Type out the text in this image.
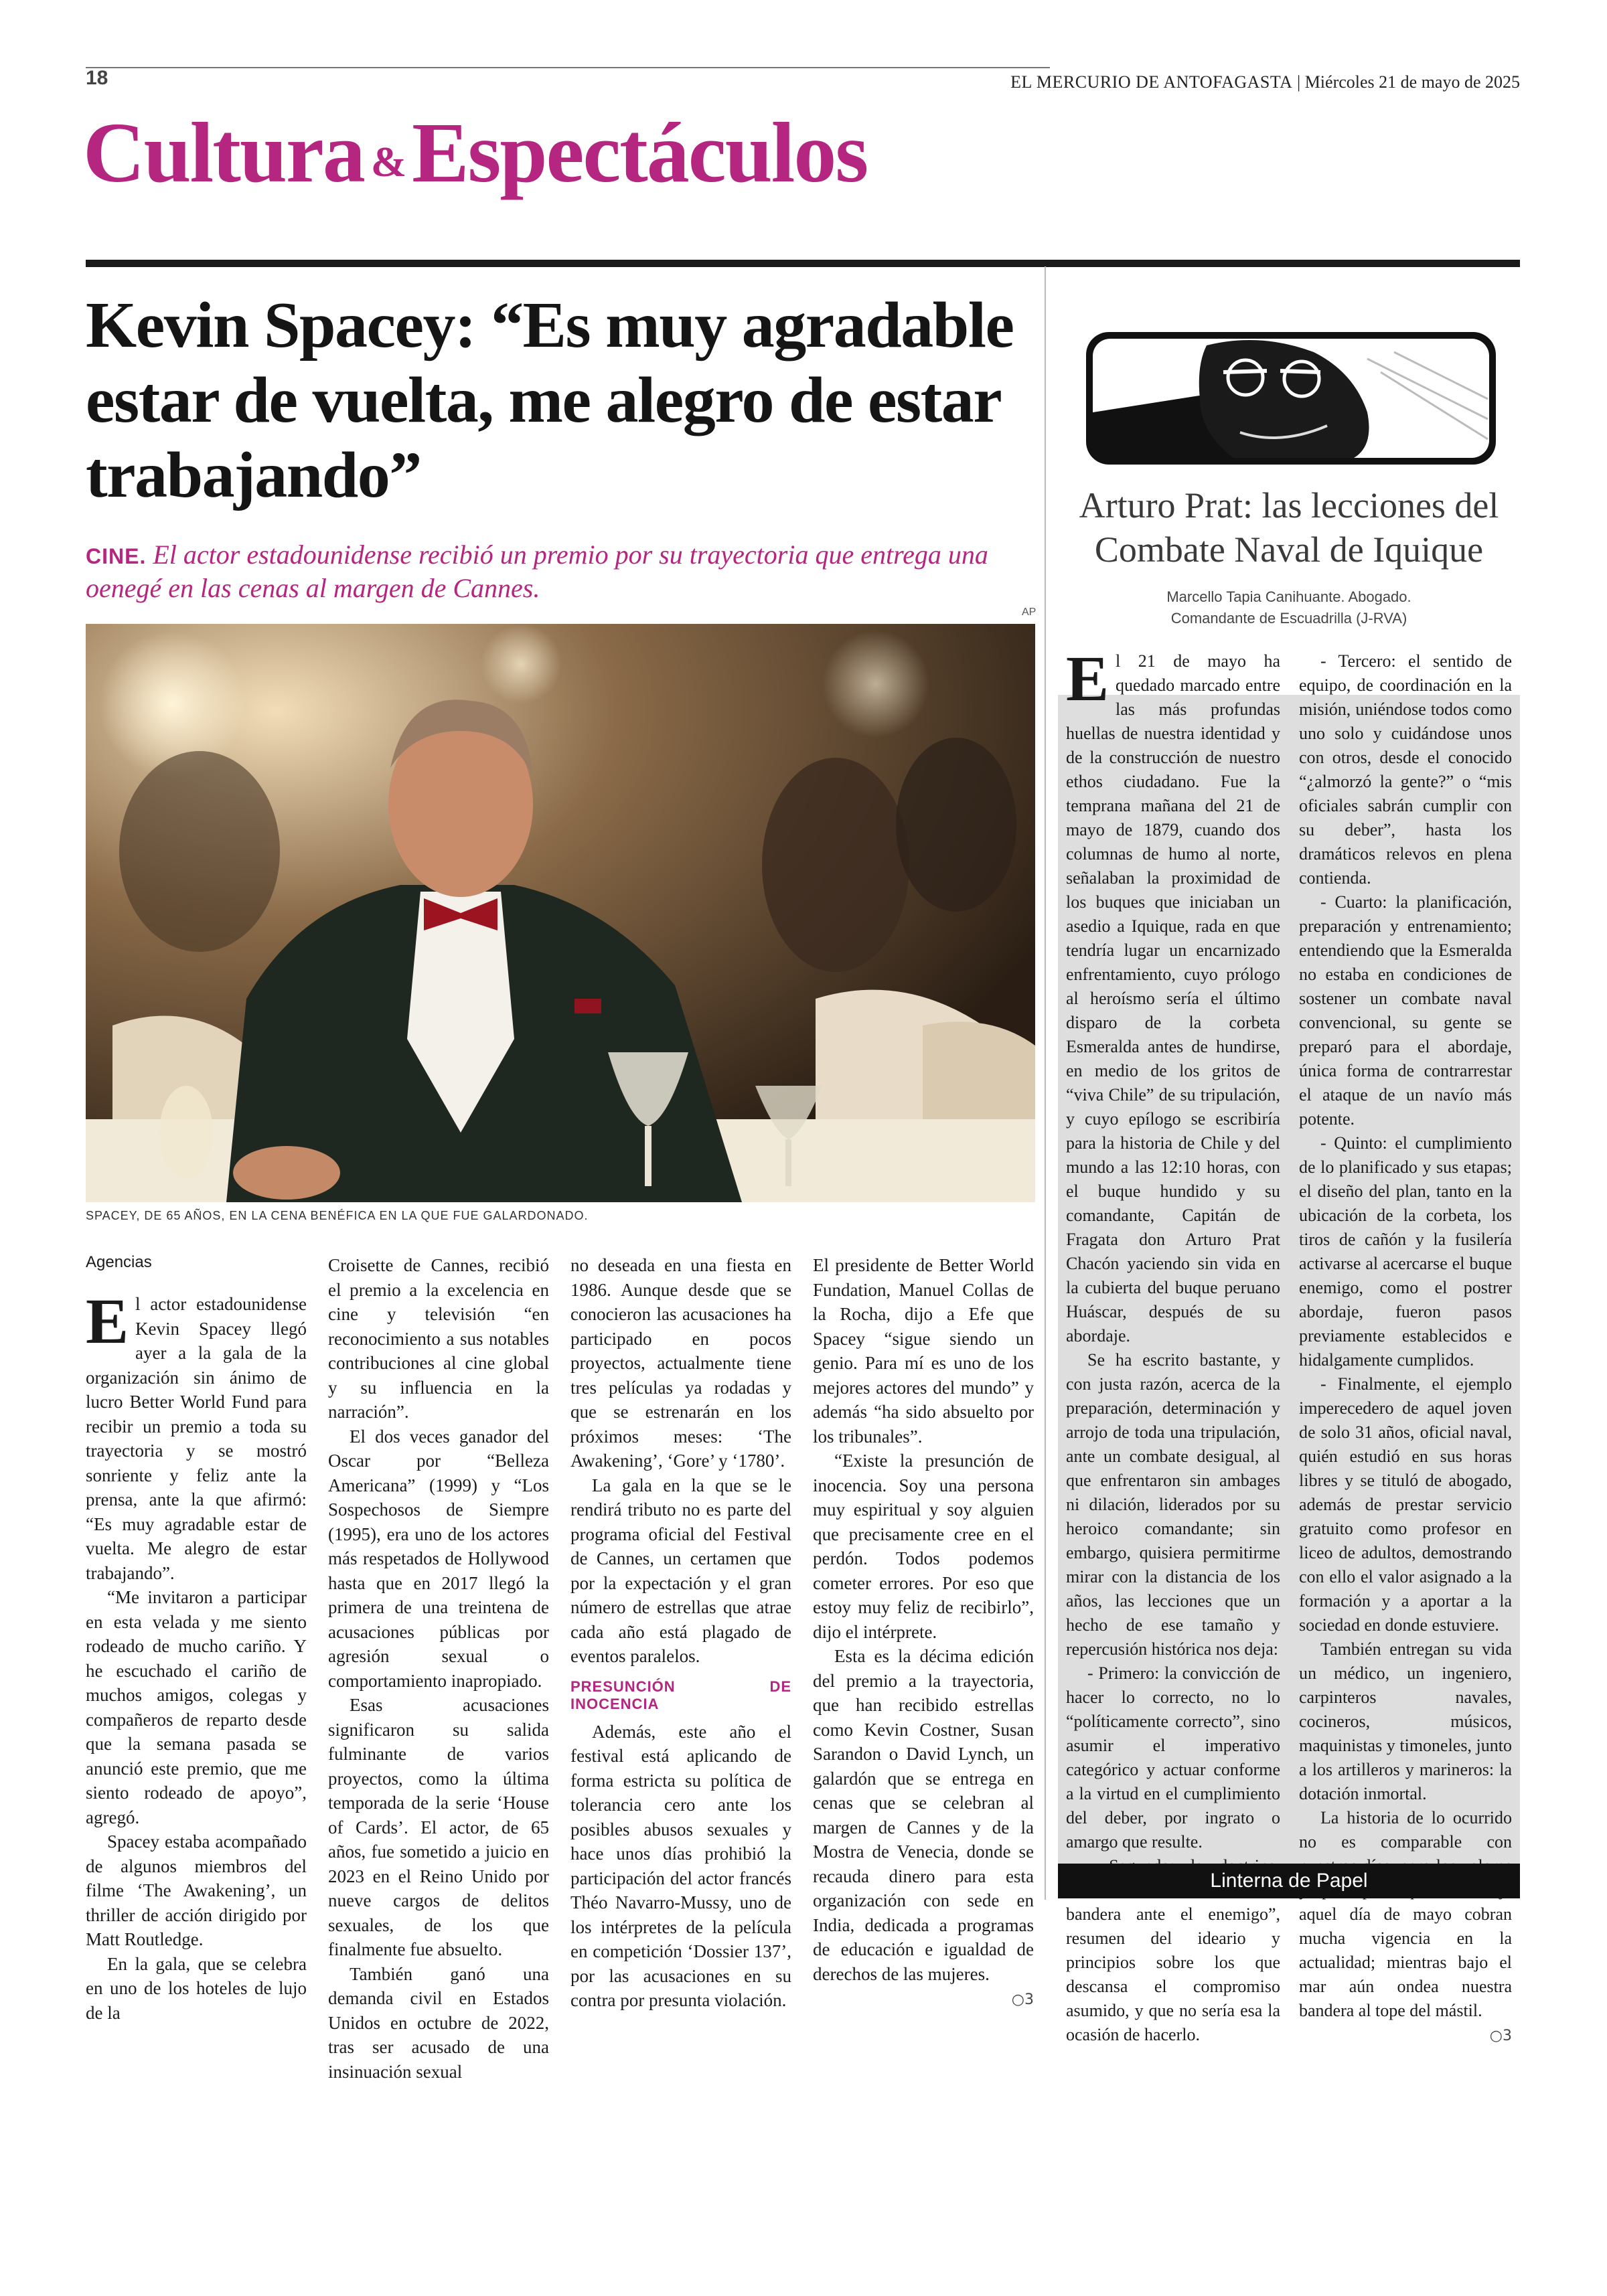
18	EL MERCURIO DE ANTOFAGASTA | Miércoles 21 de mayo de 2025
Cultura &Espectáculos
Kevin Spacey: “Es muy agradable estar de vuelta, me alegro de estar trabajando”
CINE. El actor estadounidense recibió un premio por su trayectoria que entrega una oenegé en las cenas al margen de Cannes.
AP
SPACEY, DE 65 AÑOS, EN LA CENA BENÉFICA EN LA QUE FUE GALARDONADO.
Agencias
E l actor estadounidense Kevin Spacey llegó ayer a la gala de la organización sin ánimo de lucro Better World Fund para recibir un premio a toda su trayectoria y se mostró sonriente y feliz ante la prensa, ante la que afirmó: “Es muy agradable estar de vuelta. Me alegro de estar trabajando”.

“Me invitaron a participar en esta velada y me siento rodeado de mucho cariño. Y he escuchado el cariño de muchos amigos, colegas y compañeros de reparto desde que la semana pasada se anunció este premio, que me siento rodeado de apoyo”, agregó.

Spacey estaba acompañado de algunos miembros del filme ‘The Awakening’, un thriller de acción dirigido por Matt Routledge.

En la gala, que se celebra en uno de los hoteles de lujo de la

Croisette de Cannes, recibió el premio a la excelencia en cine y televisión “en reconocimiento a sus notables contribuciones al cine global y su influencia en la narración”.

El dos veces ganador del Oscar por “Belleza Americana” (1999) y “Los Sospechosos de Siempre (1995), era uno de los actores más respetados de Hollywood hasta que en 2017 llegó la primera de una treintena de acusaciones públicas por agresión sexual o comportamiento inapropiado.

Esas acusaciones significaron su salida fulminante de varios proyectos, como la última temporada de la serie ‘House of Cards’. El actor, de 65 años, fue sometido a juicio en 2023 en el Reino Unido por nueve cargos de delitos sexuales, de los que finalmente fue absuelto.

También ganó una demanda civil en Estados Unidos en octubre de 2022, tras ser acusado de una insinuación sexual

no deseada en una fiesta en 1986. Aunque desde que se conocieron las acusaciones ha participado en pocos proyectos, actualmente tiene tres películas ya rodadas y que se estrenarán en los próximos meses: ‘The Awakening’, ‘Gore’ y ‘1780’.

La gala en la que se le rendirá tributo no es parte del programa oficial del Festival de Cannes, un certamen que por la expectación y el gran número de estrellas que atrae cada año está plagado de eventos paralelos.

PRESUNCIÓN DE INOCENCIA

Además, este año el festival está aplicando de forma estricta su política de tolerancia cero ante los posibles abusos sexuales y hace unos días prohibió la participación del actor francés Théo Navarro-Mussy, uno de los intérpretes de la película en competición ‘Dossier 137’, por las acusaciones en su contra por presunta violación.

El presidente de Better World Fundation, Manuel Collas de la Rocha, dijo a Efe que Spacey “sigue siendo un genio. Para mí es uno de los mejores actores del mundo” y además “ha sido absuelto por los tribunales”.

“Existe la presunción de inocencia. Soy una persona muy espiritual y soy alguien que precisamente cree en el perdón. Todos podemos cometer errores. Por eso que estoy muy feliz de recibirlo”, dijo el intérprete.

Esta es la décima edición del premio a la trayectoria, que han recibido estrellas como Kevin Costner, Susan Sarandon o David Lynch, un galardón que se entrega en cenas que se celebran al margen de Cannes y de la Mostra de Venecia, donde se recauda dinero para esta organización con sede en India, dedicada a programas de educación e igualdad de derechos de las mujeres.

○3
Arturo Prat: las lecciones del Combate Naval de Iquique
Marcello Tapia Canihuante. Abogado.
Comandante de Escuadrilla (J-RVA)
E l 21 de mayo ha quedado marcado entre las más profundas huellas de nuestra identidad y de la construcción de nuestro ethos ciudadano. Fue la temprana mañana del 21 de mayo de 1879, cuando dos columnas de humo al norte, señalaban la proximidad de los buques que iniciaban un asedio a Iquique, rada en que tendría lugar un encarnizado enfrentamiento, cuyo prólogo al heroísmo sería el último disparo de la corbeta Esmeralda antes de hundirse, en medio de los gritos de “viva Chile” de su tripulación, y cuyo epílogo se escribiría para la historia de Chile y del mundo a las 12:10 horas, con el buque hundido y su comandante, Capitán de Fragata don Arturo Prat Chacón yaciendo sin vida en la cubierta del buque peruano Huáscar, después de su abordaje.

Se ha escrito bastante, y con justa razón, acerca de la preparación, determinación y arrojo de toda una tripulación, ante un combate desigual, al que enfrentaron sin ambages ni dilación, liderados por su heroico comandante; sin embargo, quisiera permitirme mirar con la distancia de los años, las lecciones que un hecho de ese tamaño y repercusión histórica nos deja:

- Primero: la convicción de hacer lo correcto, no lo “políticamente correcto”, sino asumir el imperativo categórico y actuar conforme a la virtud en el cumplimiento del deber, por ingrato o amargo que resulte.

bandera ante el enemigo”, resumen del ideario y principios sobre los que descansa el compromiso asumido, y que no sería esa la ocasión de hacerlo.

- Tercero: el sentido de equipo, de coordinación en la misión, uniéndose todos como uno solo y cuidándose unos con otros, desde el conocido “¿almorzó la gente?” o “mis oficiales sabrán cumplir con su deber”, hasta los dramáticos relevos en plena contienda.

- Cuarto: la planificación, preparación y entrenamiento; entendiendo que la Esmeralda no estaba en condiciones de sostener un combate naval convencional, su gente se preparó para el abordaje, única forma de contrarrestar el ataque de un navío más potente.

- Quinto: el cumplimiento de lo planificado y sus etapas; el diseño del plan, tanto en la ubicación de la corbeta, los tiros de cañón y la fusilería activarse al acercarse el buque enemigo, como el postrer abordaje, fueron pasos previamente establecidos e hidalgamente cumplidos.

- Finalmente, el ejemplo imperecedero de aquel joven de solo 31 años, oficial naval, quién estudió en sus horas libres y se tituló de abogado, además de prestar servicio gratuito como profesor en liceo de adultos, demostrando con ello el valor asignado a la formación y a aportar a la sociedad en donde estuviere.

También entregan su vida un médico, un ingeniero, carpinteros navales, cocineros, músicos, maquinistas y timoneles, junto a los artilleros y marineros: la dotación inmortal.

La historia de lo ocurrido no es comparable con aquel día de mayo cobran mucha vigencia en la actualidad; mientras bajo el mar aún ondea nuestra bandera al tope del mástil.

○3
Linterna de Papel
